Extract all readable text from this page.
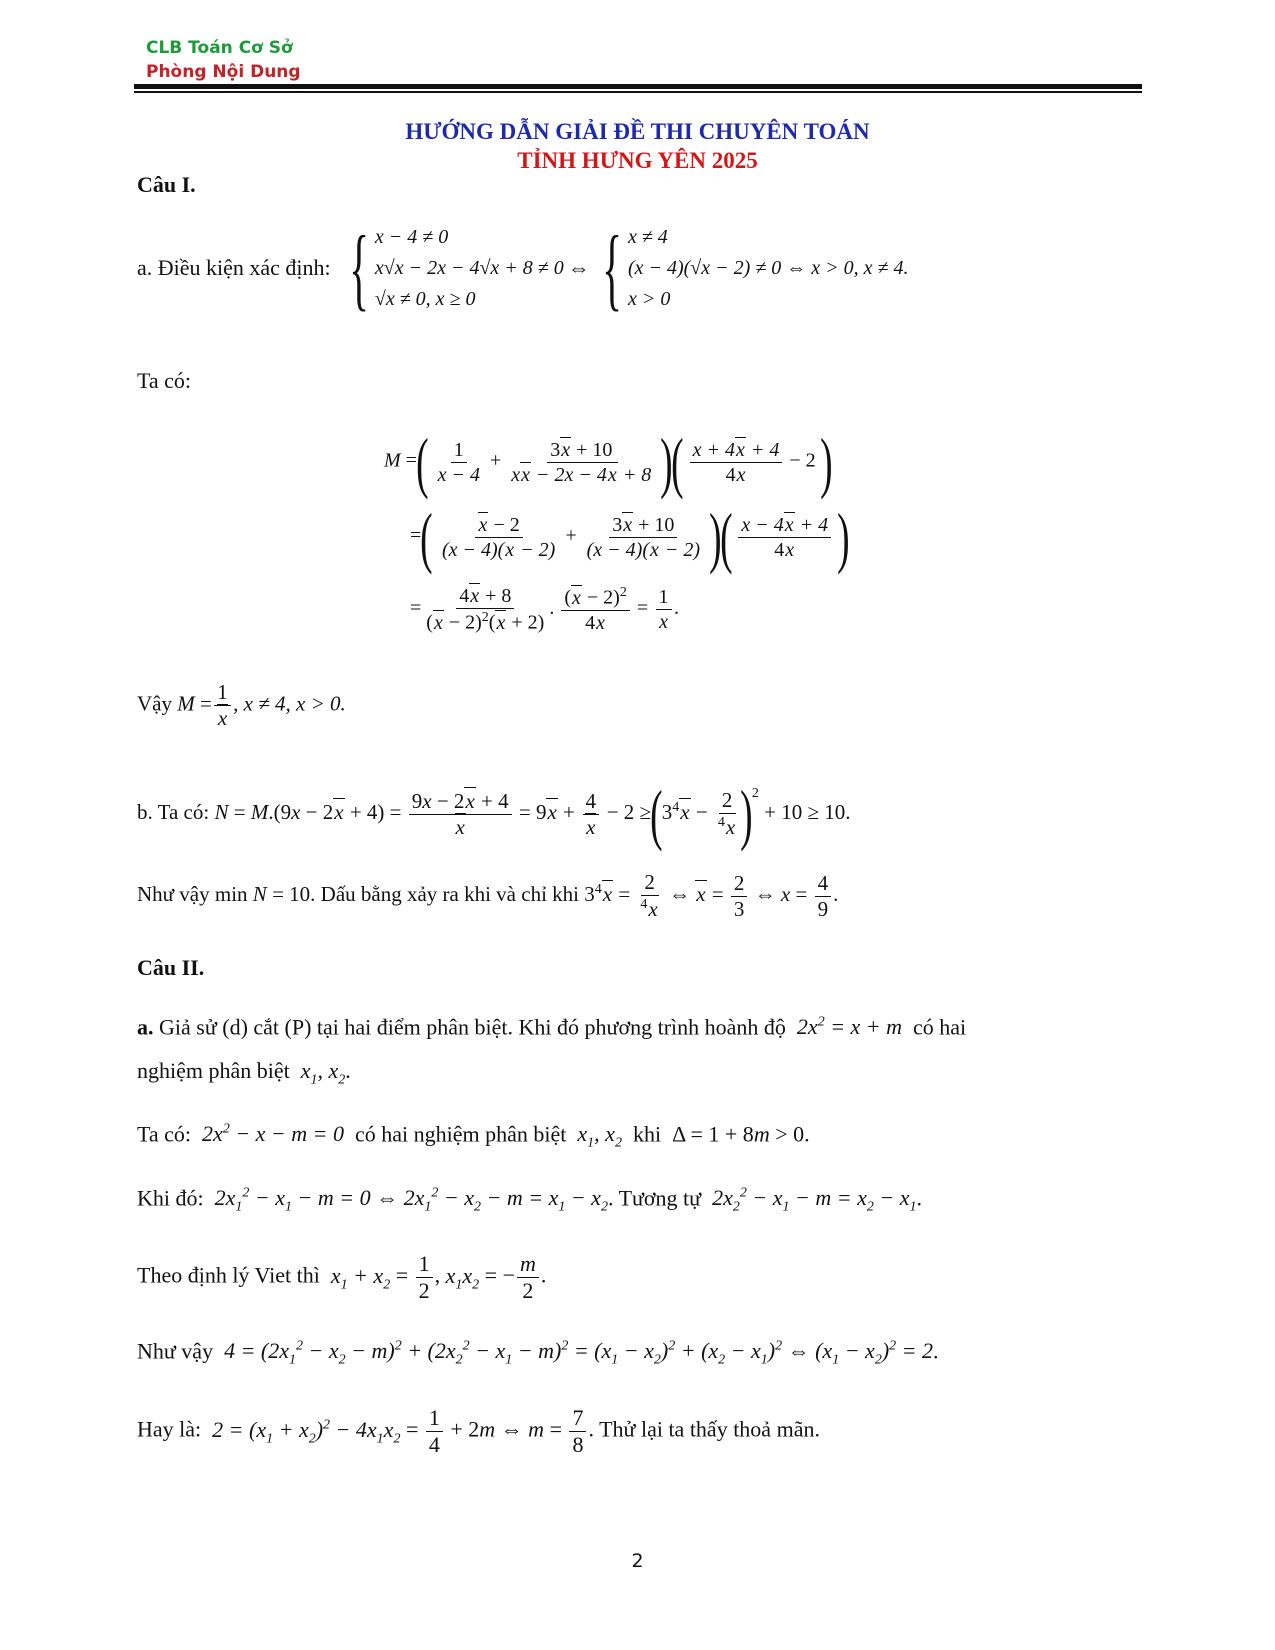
CLB Toán Cơ Sở
Phòng Nội Dung
HƯỚNG DẪN GIẢI ĐỀ THI CHUYÊN TOÁN
TỈNH HƯNG YÊN 2025
Câu I.
a. Điều kiện xác định: { x − 4 ≠ 0
x√x − 2x − 4√x + 8 ≠ 0
√x ≠ 0, x ≥ 0
⇔ { x ≠ 4
(x − 4)(√x − 2) ≠ 0 ⇔ x > 0, x ≠ 4.
x > 0
Ta có:
M =( $\frac{1}{x - 4} + \frac{3x + 10}{xx - 2x - 4x + 8}$ )( $\frac{x + 4x + 4}{4x} - 2$ )
=( $\frac{x - 2}{(x - 4)(x - 2)} + \frac{3x + 10}{(x - 4)(x - 2)}$ )( $\frac{x - 4x + 4}{4x}$ )
= $\frac{4x + 8}{(x - 2)^2(x + 2)}$ . $\frac{(x - 2)^2}{4x} = \frac{1}{x}$ .
Vậy $M = \frac{1}{x}$ , x ≠ 4, x > 0.
b. Ta có: $N = M.(9x - 2x + 4) = \frac{9x - 2x + 4}{x} = 9x + \frac{4}{x} - 2 \ge(3^4x - \frac{2}{^4x} )^2 + 10 \ge 10$.
Như vậy min N = 10. Dấu bằng xảy ra khi và chỉ khi $3^4x = \frac{2}{^4x}$ ⇔ $x = \frac{2}{3}$ ⇔ $x = \frac{4}{9}$ .
Câu II.
a. Giả sử (d) cắt (P) tại hai điểm phân biệt. Khi đó phương trình hoành độ  $2x^2 = x + m$  có hai
nghiệm phân biệt  $x_1$, $x_2$.
Ta có:  $2x^2 - x - m = 0$  có hai nghiệm phân biệt  $x_1$, $x_2$ khi  Δ = 1 + 8m > 0.
Khi đó:  $2x_1^2 - x_1 - m = 0$ ⇔ $2x_1^2 - x_2 - m = x_1 - x_2$. Tương tự  $2x_2^2 - x_1 - m = x_2 - x_1$.
Theo định lý Viet thì  $x_1 + x_2 = \frac{1}{2}$ , $x_1x_2$ = − $\frac{m}{2}$ .
Như vậy  $4 = (2x_1^2 - x_2 - m)^2 + (2x_2^2 - x_1 - m)^2 = (x_1 - x_2)^2 + (x_2 - x_1)^2$ ⇔ $(x_1 - x_2)^2 = 2$.
Hay là:  $2 = (x_1 + x_2)^2 - 4x_1x_2 = \frac{1}{4} + 2m$ ⇔ $m = \frac{7}{8}$ . Thử lại ta thấy thoả mãn.
2
